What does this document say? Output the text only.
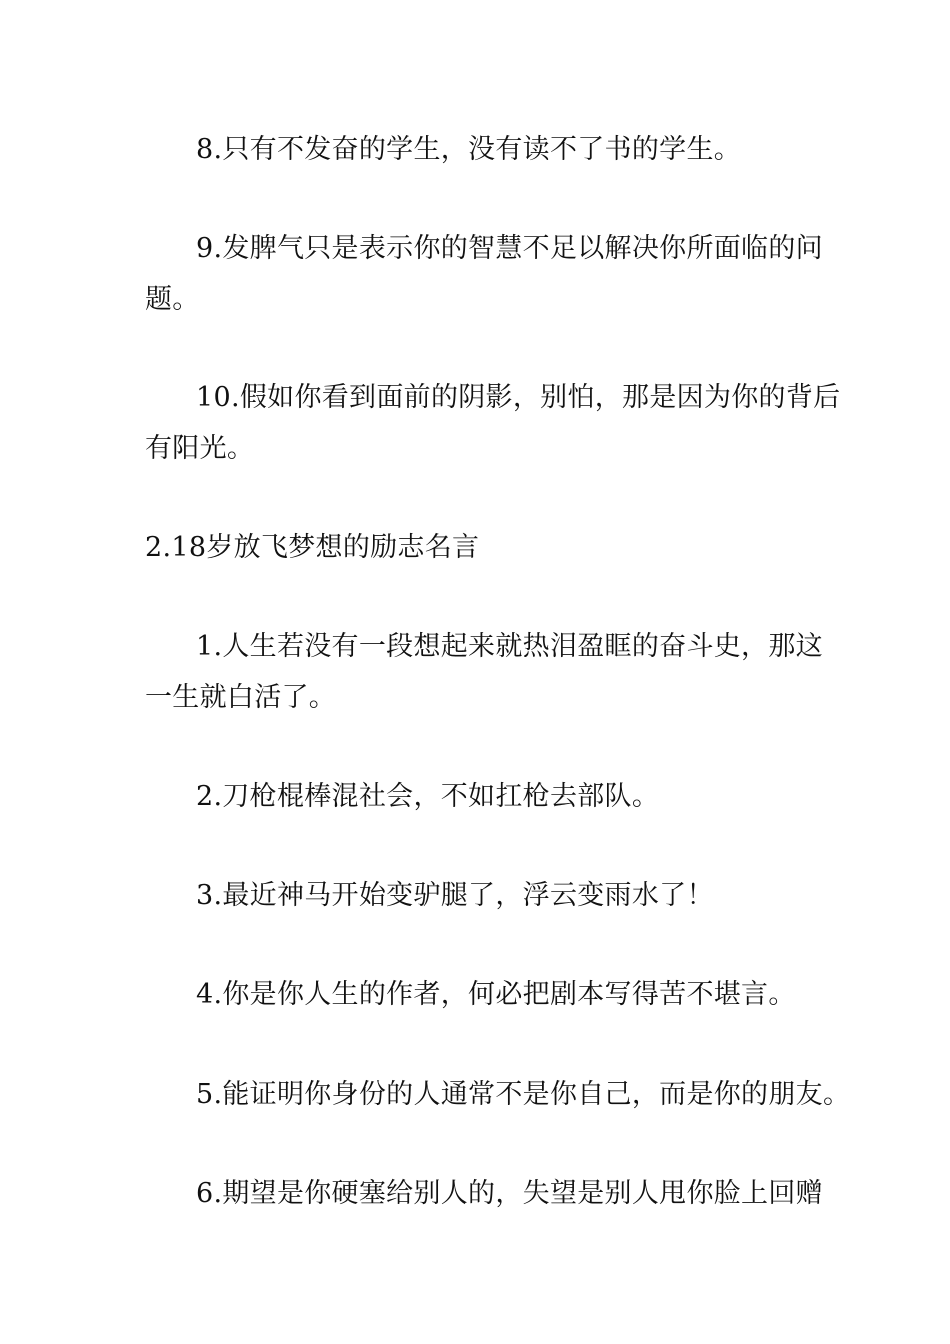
8.只有不发奋的学生，没有读不了书的学生。
9.发脾气只是表示你的智慧不足以解决你所面临的问
题。
10.假如你看到面前的阴影，别怕，那是因为你的背后
有阳光。
2.18岁放飞梦想的励志名言
1.人生若没有一段想起来就热泪盈眶的奋斗史，那这
一生就白活了。
2.刀枪棍棒混社会，不如扛枪去部队。
3.最近神马开始变驴腿了，浮云变雨水了！
4.你是你人生的作者，何必把剧本写得苦不堪言。
5.能证明你身份的人通常不是你自己，而是你的朋友。
6.期望是你硬塞给别人的，失望是别人甩你脸上回赠
